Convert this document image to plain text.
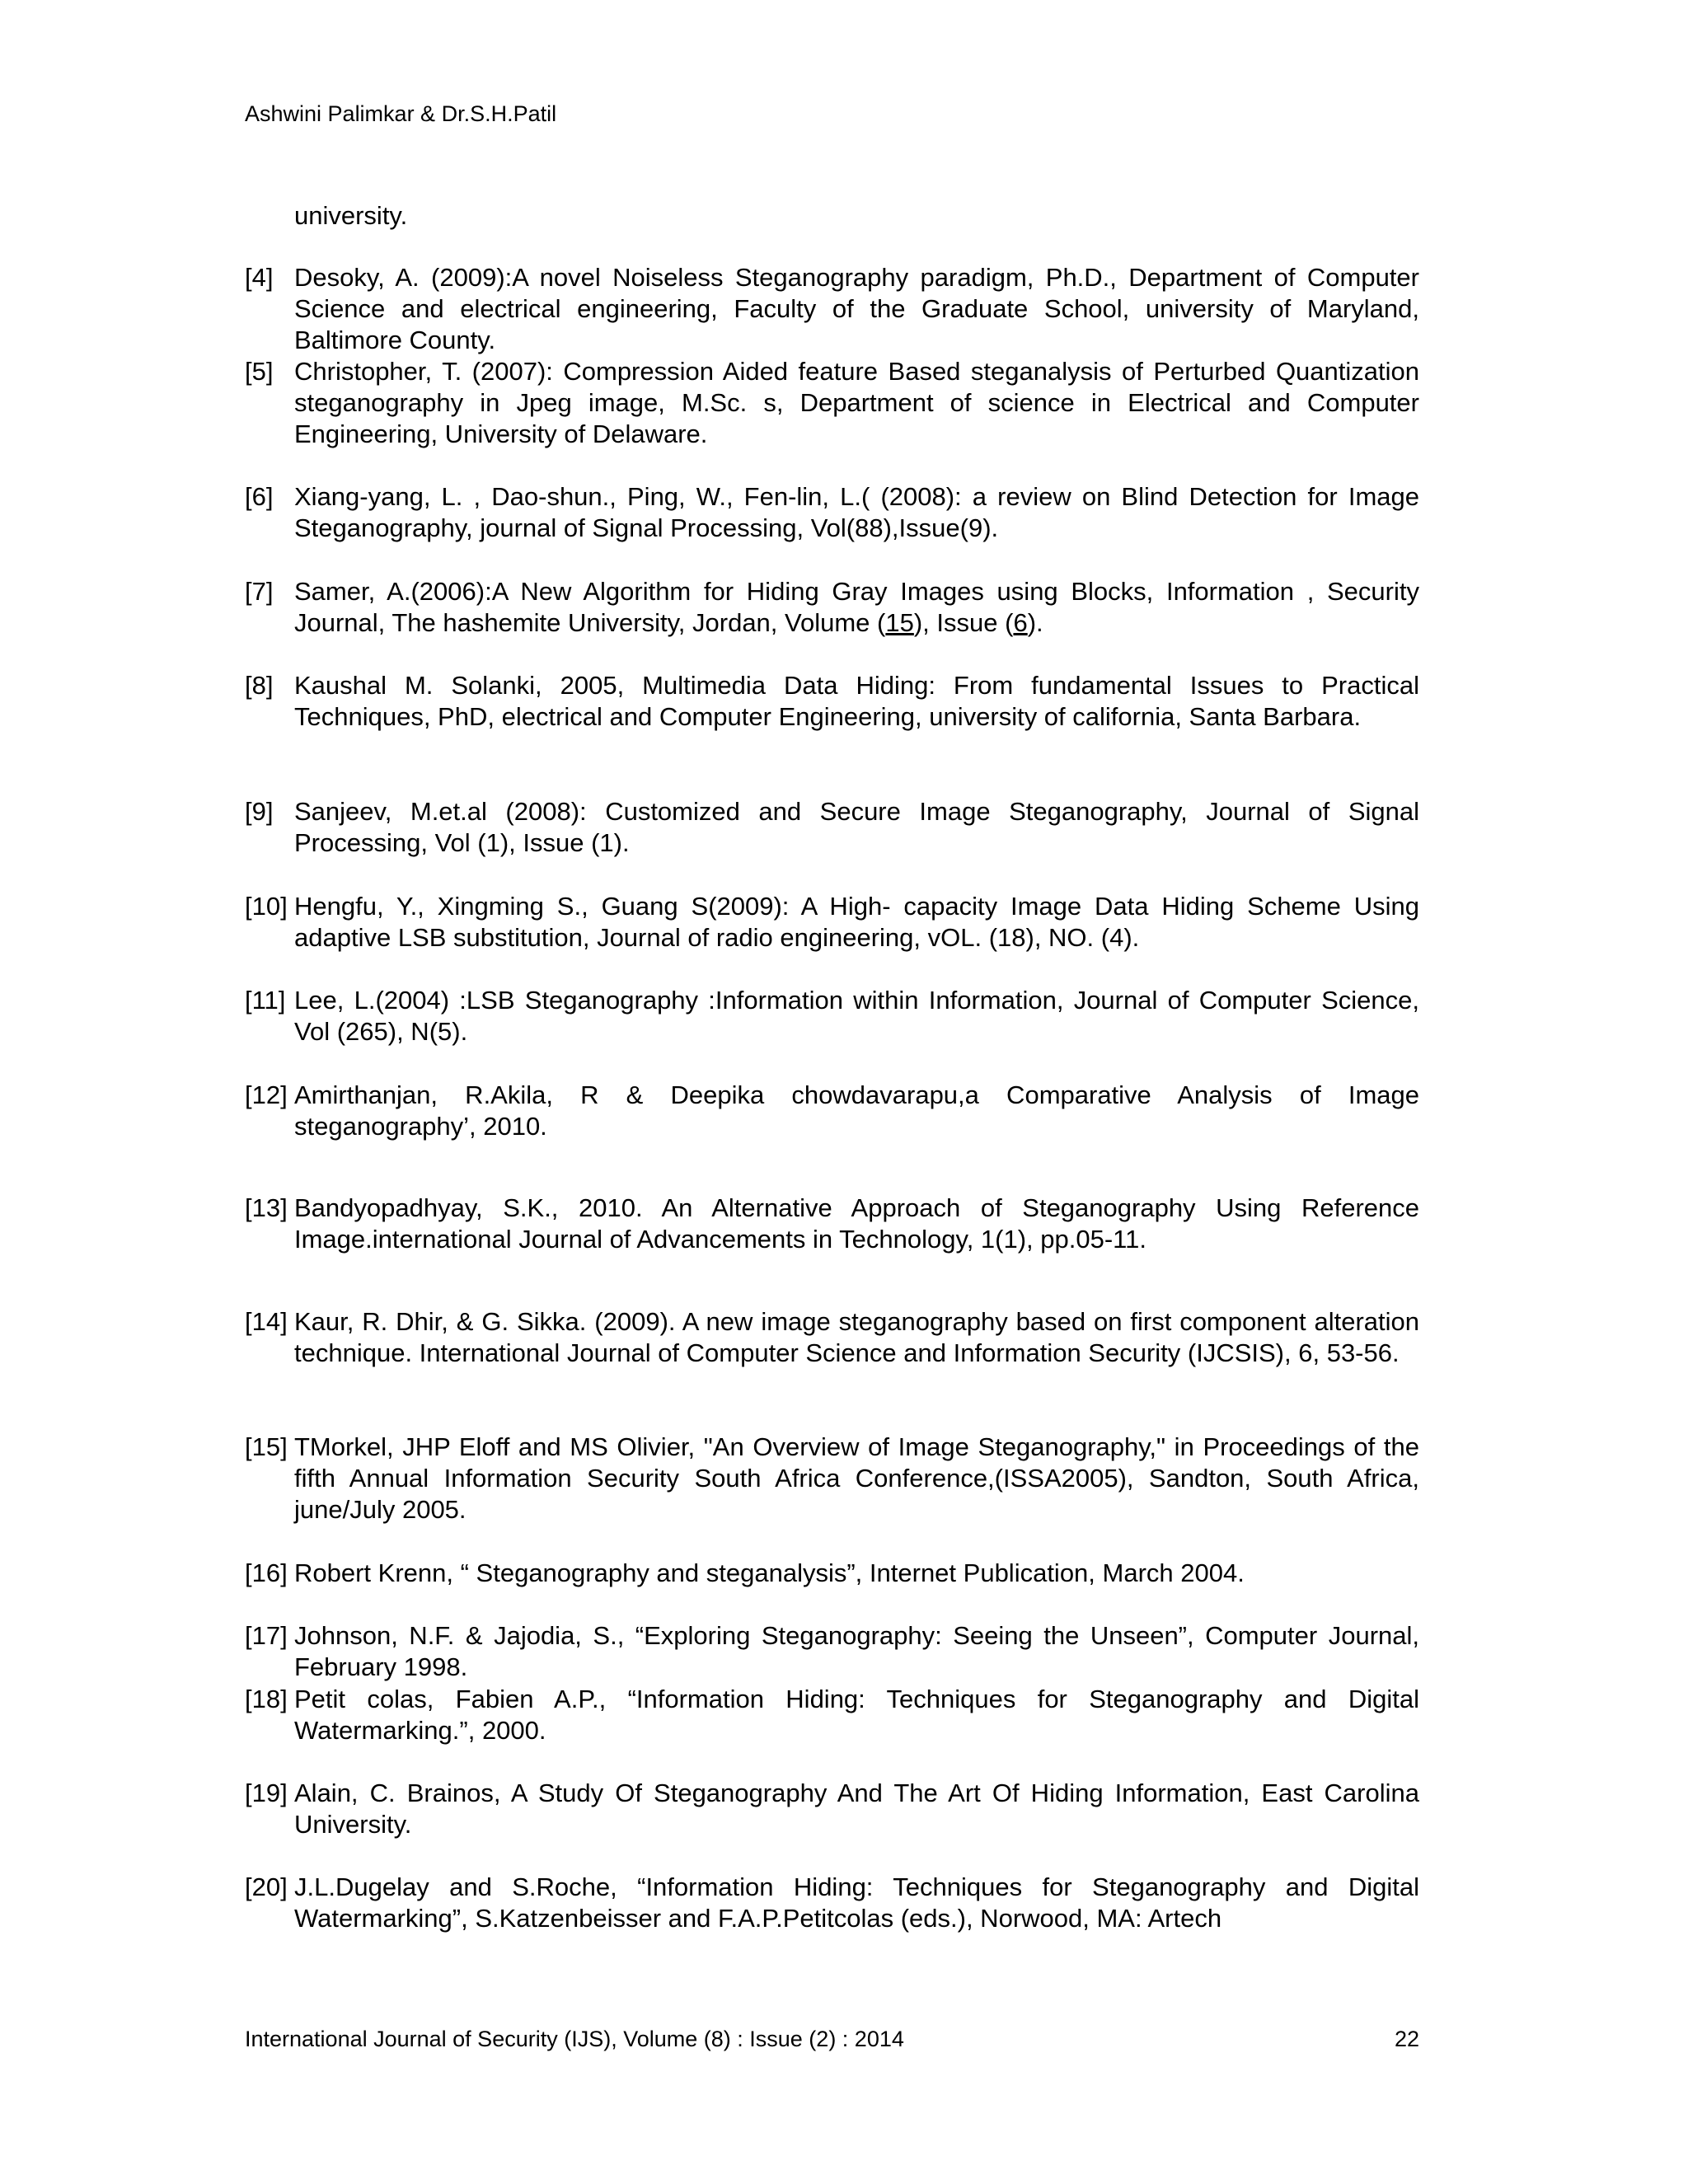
Ashwini Palimkar & Dr.S.H.Patil
university.
[4] Desoky, A. (2009):A novel Noiseless Steganography paradigm, Ph.D., Department of Computer Science and electrical engineering, Faculty of the Graduate School, university of Maryland, Baltimore County.
[5] Christopher, T. (2007): Compression Aided feature Based steganalysis of Perturbed Quantization steganography in Jpeg image, M.Sc. s, Department of science in Electrical and Computer Engineering, University of Delaware.
[6] Xiang-yang, L. , Dao-shun., Ping, W., Fen-lin, L.( (2008): a review on Blind Detection for Image Steganography, journal of Signal Processing, Vol(88),Issue(9).
[7] Samer, A.(2006):A New Algorithm for Hiding Gray Images using Blocks, Information , Security Journal, The hashemite University, Jordan, Volume (15), Issue (6).
[8] Kaushal M. Solanki, 2005, Multimedia Data Hiding: From fundamental Issues to Practical Techniques, PhD, electrical and Computer Engineering, university of california, Santa Barbara.
[9] Sanjeev, M.et.al (2008): Customized and Secure Image Steganography, Journal of Signal Processing, Vol (1), Issue (1).
[10] Hengfu, Y., Xingming S., Guang S(2009): A High- capacity Image Data Hiding Scheme Using adaptive LSB substitution, Journal of radio engineering, vOL. (18), NO. (4).
[11] Lee, L.(2004) :LSB Steganography :Information within Information, Journal of Computer Science, Vol (265), N(5).
[12] Amirthanjan, R.Akila, R & Deepika chowdavarapu,a Comparative Analysis of Image steganography’, 2010.
[13] Bandyopadhyay, S.K., 2010. An Alternative Approach of Steganography Using Reference Image.international Journal of Advancements in Technology, 1(1), pp.05-11.
[14] Kaur, R. Dhir, & G. Sikka. (2009). A new image steganography based on first component alteration technique. International Journal of Computer Science and Information Security (IJCSIS), 6, 53-56.
[15] TMorkel, JHP Eloff and MS Olivier, "An Overview of Image Steganography," in Proceedings of the fifth Annual Information Security South Africa Conference,(ISSA2005), Sandton, South Africa, june/July 2005.
[16] Robert Krenn, “ Steganography and steganalysis”, Internet Publication, March 2004.
[17] Johnson, N.F. & Jajodia, S., “Exploring Steganography: Seeing the Unseen”, Computer Journal, February 1998.
[18] Petit colas, Fabien A.P., “Information Hiding: Techniques for Steganography and Digital Watermarking.”, 2000.
[19] Alain, C. Brainos, A Study Of Steganography And The Art Of Hiding Information, East Carolina University.
[20] J.L.Dugelay and S.Roche, “Information Hiding: Techniques for Steganography and Digital Watermarking”, S.Katzenbeisser and F.A.P.Petitcolas (eds.), Norwood, MA: Artech
International Journal of Security (IJS), Volume (8) : Issue (2) : 2014	22
